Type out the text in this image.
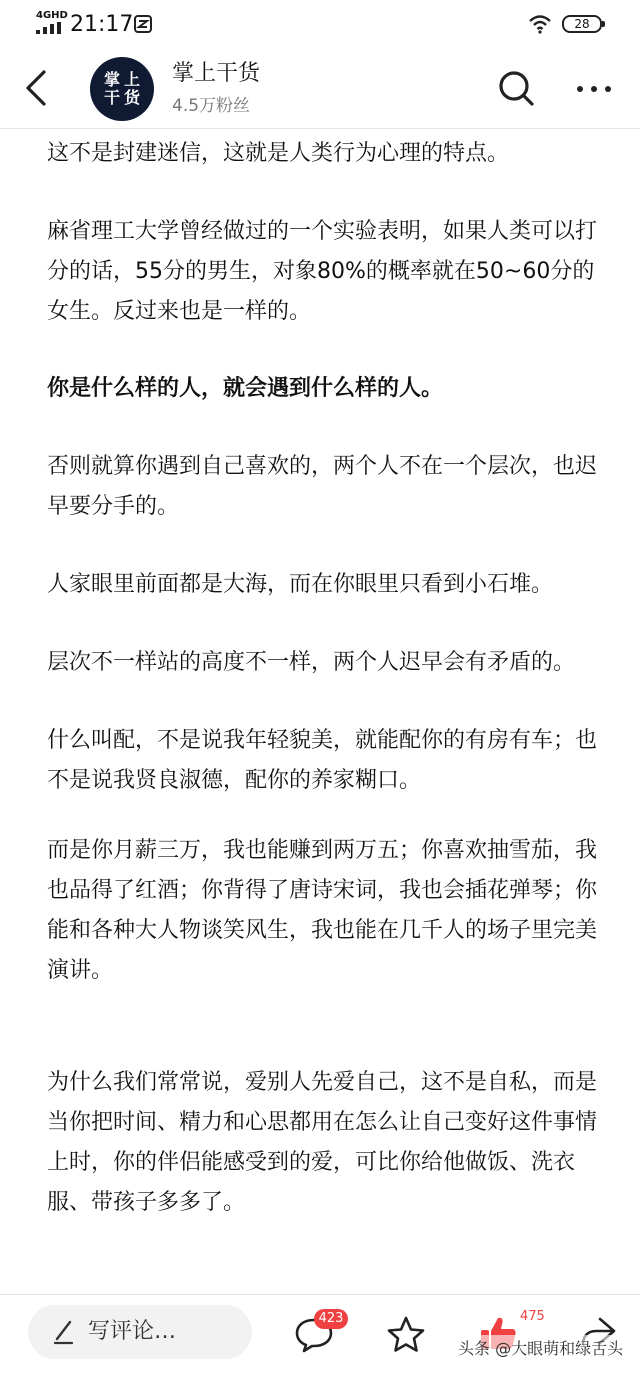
4GHD 21:17	28
掌上
干货
掌上干货
4.5万粉丝

这不是封建迷信，这就是人类行为心理的特点。

麻省理工大学曾经做过的一个实验表明，如果人类可以打分的话，55分的男生，对象80%的概率就在50~60分的女生。反过来也是一样的。

你是什么样的人，就会遇到什么样的人。

否则就算你遇到自己喜欢的，两个人不在一个层次，也迟早要分手的。

人家眼里前面都是大海，而在你眼里只看到小石堆。

层次不一样站的高度不一样，两个人迟早会有矛盾的。

什么叫配，不是说我年轻貌美，就能配你的有房有车；也不是说我贤良淑德，配你的养家糊口。

而是你月薪三万，我也能赚到两万五；你喜欢抽雪茄，我也品得了红酒；你背得了唐诗宋词，我也会插花弹琴；你能和各种大人物谈笑风生，我也能在几千人的场子里完美演讲。

为什么我们常常说，爱别人先爱自己，这不是自私，而是当你把时间、精力和心思都用在怎么让自己变好这件事情上时，你的伴侣能感受到的爱，可比你给他做饭、洗衣服、带孩子多多了。

写评论…
423	475
头条 @大眼萌和绿舌头
